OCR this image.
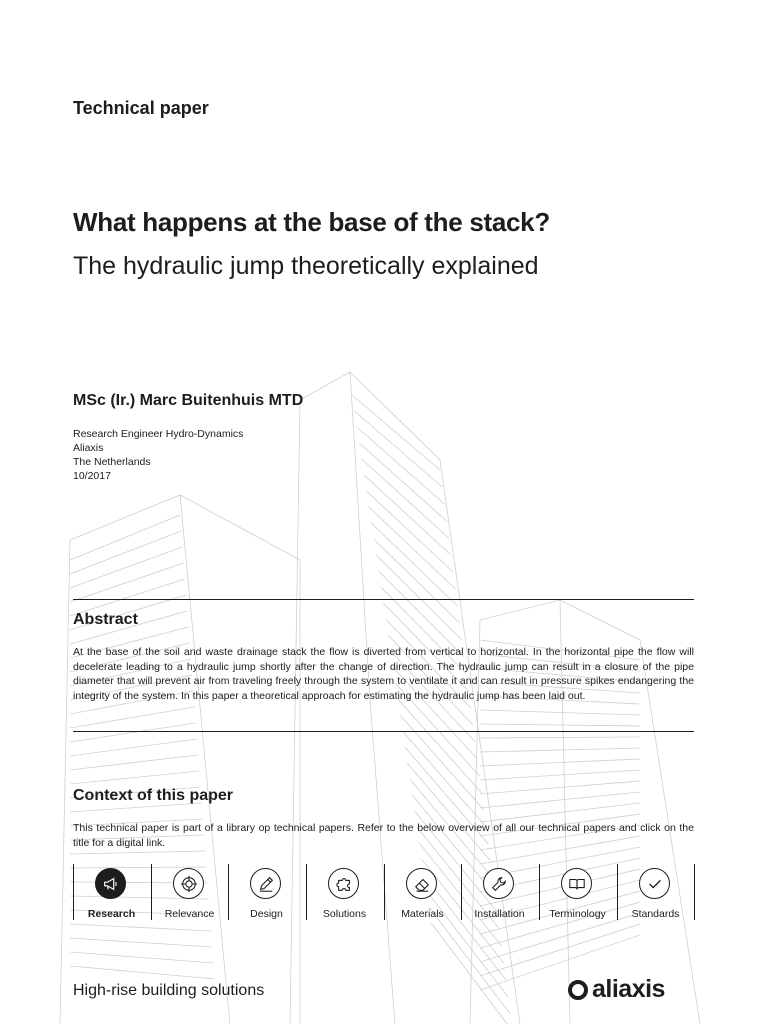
Technical paper
What happens at the base of the stack?
The hydraulic jump theoretically explained
MSc (Ir.) Marc Buitenhuis MTD
Research Engineer Hydro-Dynamics
Aliaxis
The Netherlands
10/2017
Abstract
At the base of the soil and waste drainage stack the flow is diverted from vertical to horizontal. In the horizontal pipe the flow will decelerate leading to a hydraulic jump shortly after the change of direction. The hydraulic jump can result in a closure of the pipe diameter that will prevent air from traveling freely through the system to ventilate it and can result in pressure spikes endangering the integrity of the system. In this paper a theoretical approach for estimating the hydraulic jump has been laid out.
Context of this paper
This technical paper is part of a library op technical papers. Refer to the below overview of all our technical papers and click on the title for a digital link.
Research	Relevance	Design	Solutions	Materials	Installation	Terminology	Standards
High-rise building solutions	aliaxis
